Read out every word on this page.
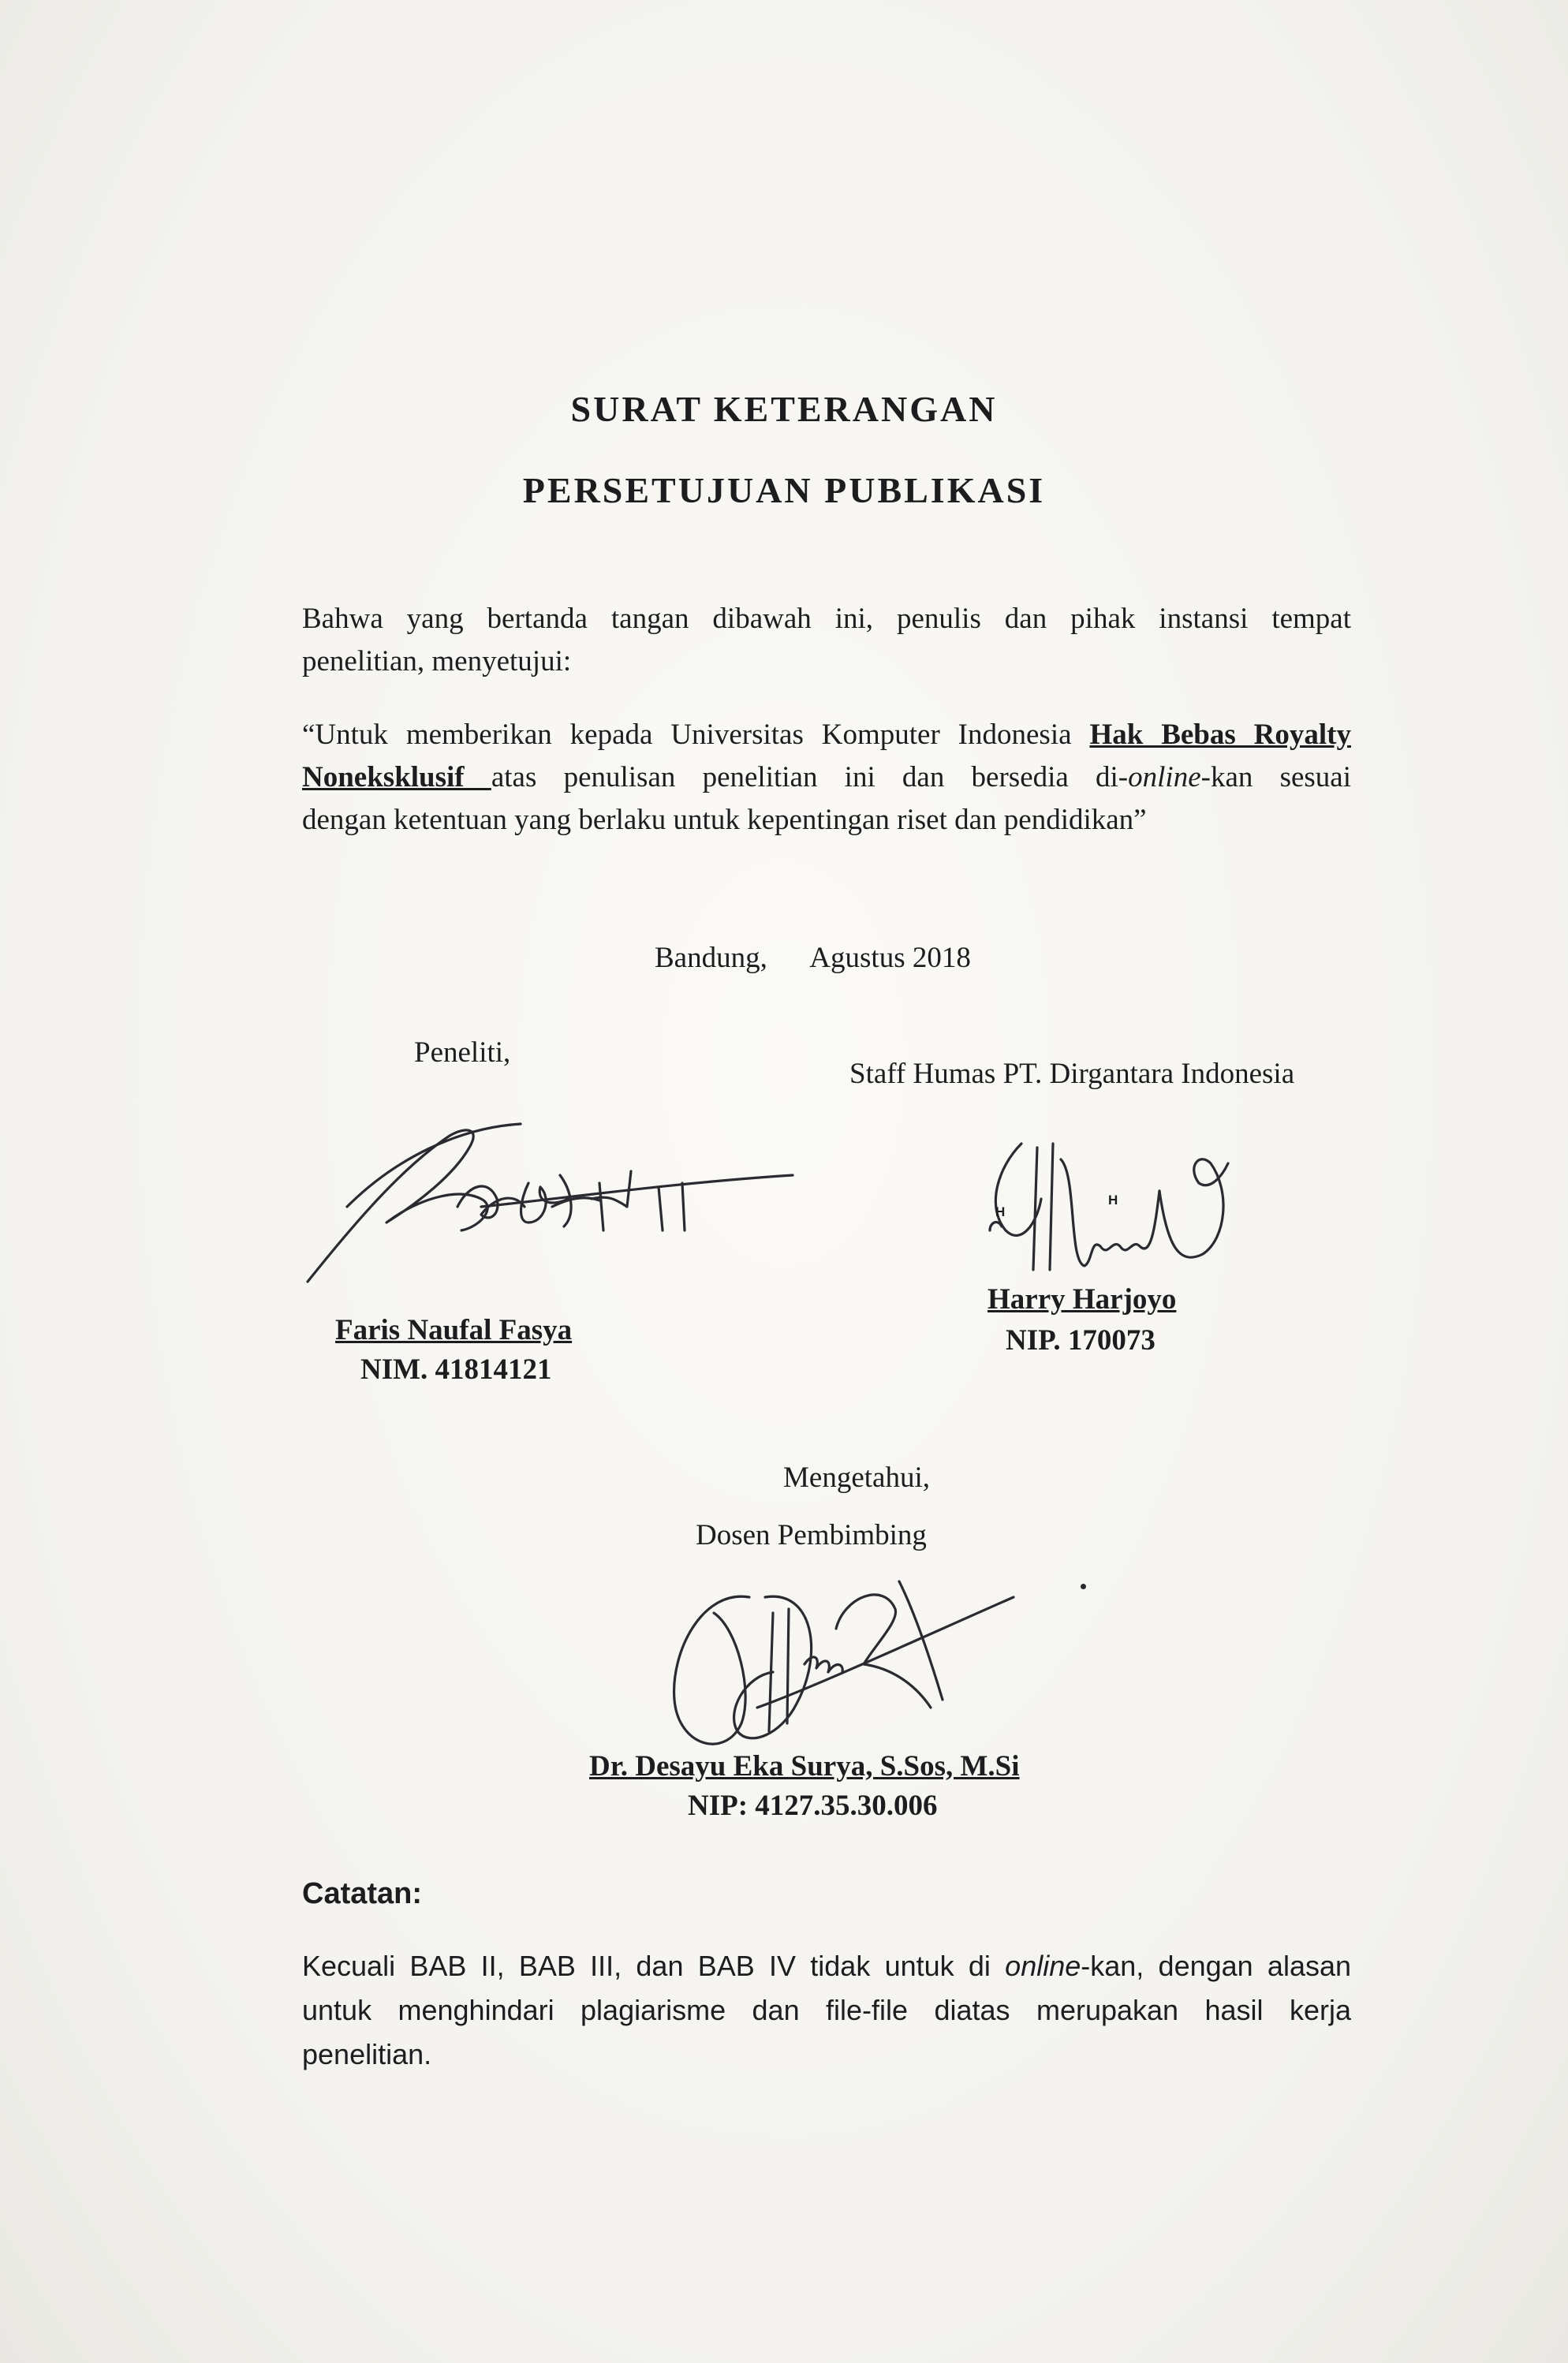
SURAT KETERANGAN
PERSETUJUAN PUBLIKASI
Bahwa yang bertanda tangan dibawah ini, penulis dan pihak instansi tempat
penelitian, menyetujui:
“Untuk memberikan kepada Universitas Komputer Indonesia Hak Bebas Royalty
Noneksklusif atas penulisan penelitian ini dan bersedia di-online-kan sesuai
dengan ketentuan yang berlaku untuk kepentingan riset dan pendidikan”
Bandung,      Agustus 2018
Peneliti,
Faris Naufal Fasya
NIM. 41814121
Staff Humas PT. Dirgantara Indonesia
H
H
Harry Harjoyo
NIP. 170073
Mengetahui,
Dosen Pembimbing
Dr. Desayu Eka Surya, S.Sos, M.Si
NIP: 4127.35.30.006
Catatan:
Kecuali BAB II, BAB III, dan BAB IV tidak untuk di online-kan, dengan alasan
untuk menghindari plagiarisme dan file-file diatas merupakan hasil kerja
penelitian.
